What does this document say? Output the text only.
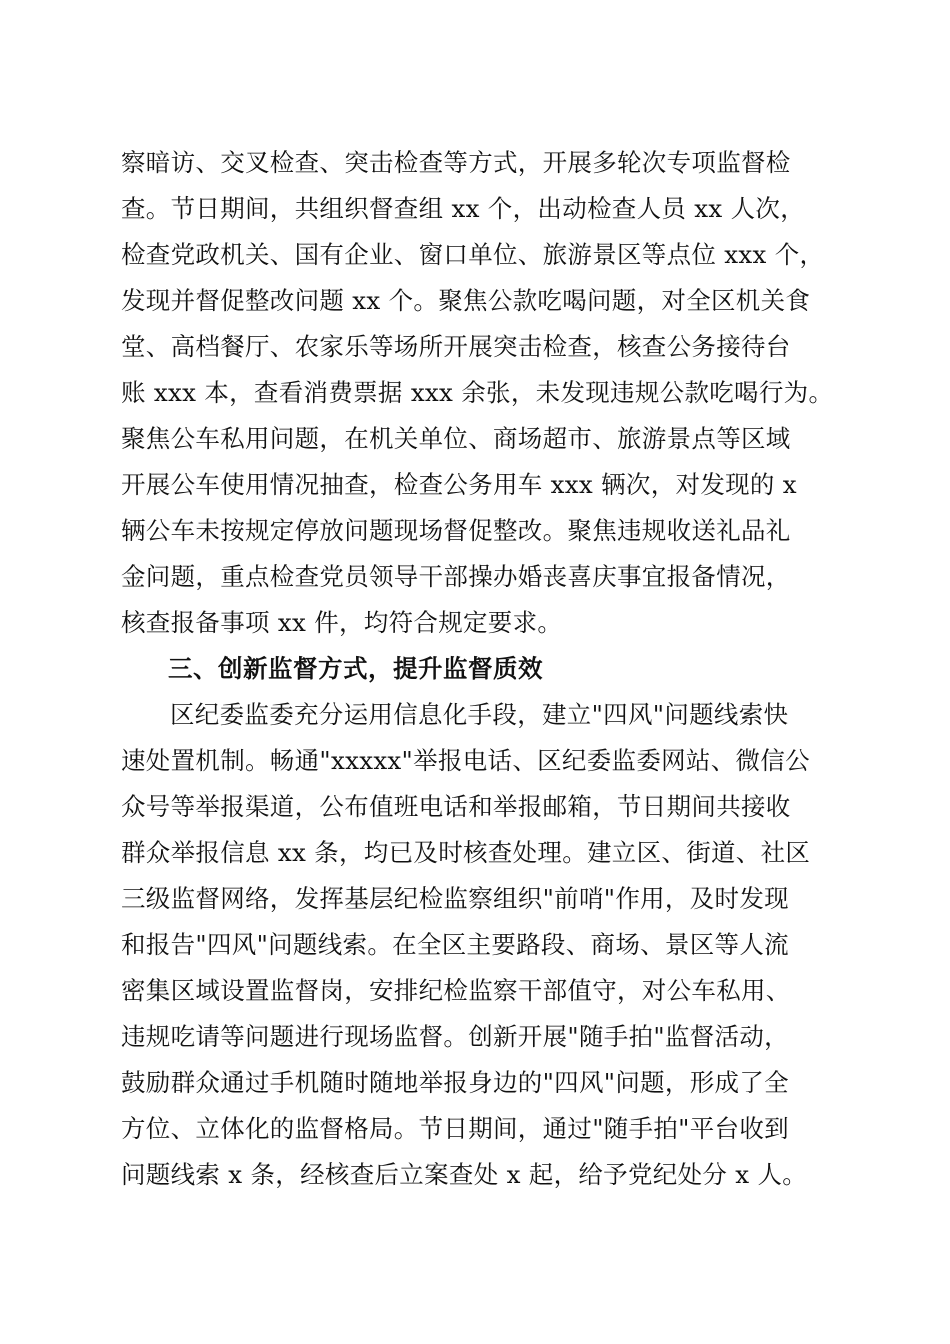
察暗访、交叉检查、突击检查等方式，开展多轮次专项监督检
查。节日期间，共组织督查组 xx 个，出动检查人员 xx 人次，
检查党政机关、国有企业、窗口单位、旅游景区等点位 xxx 个，
发现并督促整改问题 xx 个。聚焦公款吃喝问题，对全区机关食
堂、高档餐厅、农家乐等场所开展突击检查，核查公务接待台
账 xxx 本，查看消费票据 xxx 余张，未发现违规公款吃喝行为。
聚焦公车私用问题，在机关单位、商场超市、旅游景点等区域
开展公车使用情况抽查，检查公务用车 xxx 辆次，对发现的 x
辆公车未按规定停放问题现场督促整改。聚焦违规收送礼品礼
金问题，重点检查党员领导干部操办婚丧喜庆事宜报备情况，
核查报备事项 xx 件，均符合规定要求。
三、创新监督方式，提升监督质效
区纪委监委充分运用信息化手段，建立"四风"问题线索快
速处置机制。畅通"xxxxx"举报电话、区纪委监委网站、微信公
众号等举报渠道，公布值班电话和举报邮箱，节日期间共接收
群众举报信息 xx 条，均已及时核查处理。建立区、街道、社区
三级监督网络，发挥基层纪检监察组织"前哨"作用，及时发现
和报告"四风"问题线索。在全区主要路段、商场、景区等人流
密集区域设置监督岗，安排纪检监察干部值守，对公车私用、
违规吃请等问题进行现场监督。创新开展"随手拍"监督活动，
鼓励群众通过手机随时随地举报身边的"四风"问题，形成了全
方位、立体化的监督格局。节日期间，通过"随手拍"平台收到
问题线索 x 条，经核查后立案查处 x 起，给予党纪处分 x 人。
